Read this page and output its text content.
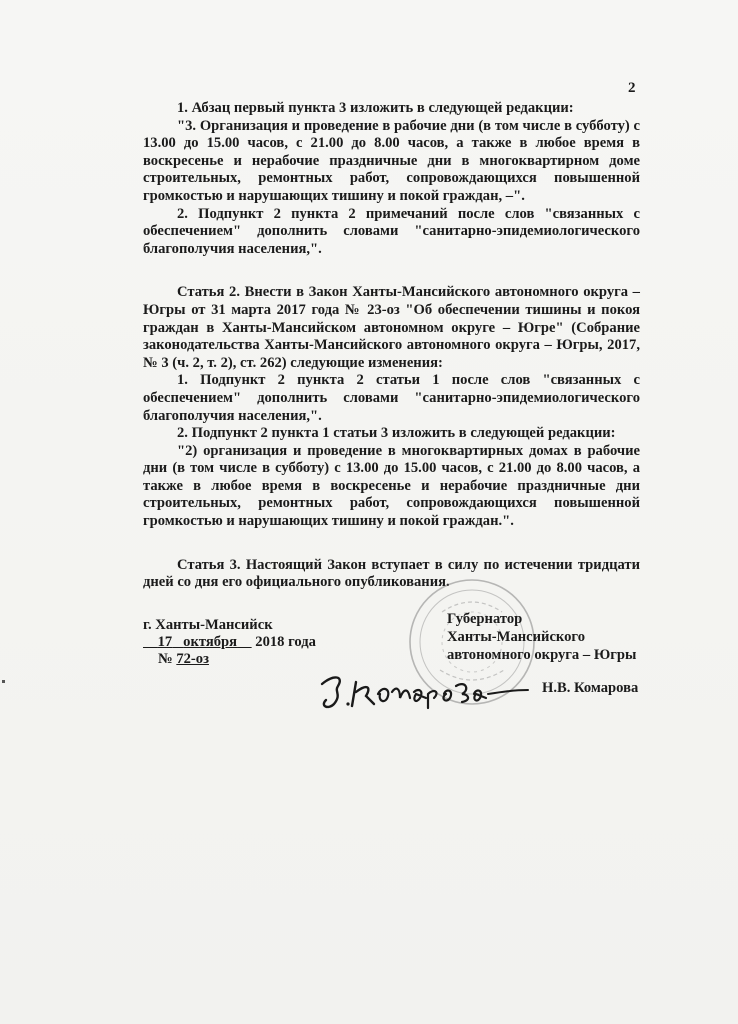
2

1. Абзац первый пункта 3 изложить в следующей редакции:

"3. Организация и проведение в рабочие дни (в том числе в субботу) с 13.00 до 15.00 часов, с 21.00 до 8.00 часов, а также в любое время в воскресенье и нерабочие праздничные дни в многоквартирном доме строительных, ремонтных работ, сопровождающихся повышенной громкостью и нарушающих тишину и покой граждан, –".

2. Подпункт 2 пункта 2 примечаний после слов "связанных с обеспечением" дополнить словами "санитарно-эпидемиологического благополучия населения,".

Статья 2. Внести в Закон Ханты-Мансийского автономного округа – Югры от 31 марта 2017 года № 23-оз "Об обеспечении тишины и покоя граждан в Ханты-Мансийском автономном округе – Югре" (Собрание законодательства Ханты-Мансийского автономного округа – Югры, 2017, № 3 (ч. 2, т. 2), ст. 262) следующие изменения:

1. Подпункт 2 пункта 2 статьи 1 после слов "связанных с обеспечением" дополнить словами "санитарно-эпидемиологического благополучия населения,".

2. Подпункт 2 пункта 1 статьи 3 изложить в следующей редакции:

"2) организация и проведение в многоквартирных домах в рабочие дни (в том числе в субботу) с 13.00 до 15.00 часов, с 21.00 до 8.00 часов, а также в любое время в воскресенье и нерабочие праздничные дни строительных, ремонтных работ, сопровождающихся повышенной громкостью и нарушающих тишину и покой граждан.".

Статья 3. Настоящий Закон вступает в силу по истечении тридцати дней со дня его официального опубликования.

г. Ханты-Мансийск
17 октября 2018 года
№ 72-оз
Губернатор
Ханты-Мансийского
автономного округа – Югры
Н.В. Комарова
